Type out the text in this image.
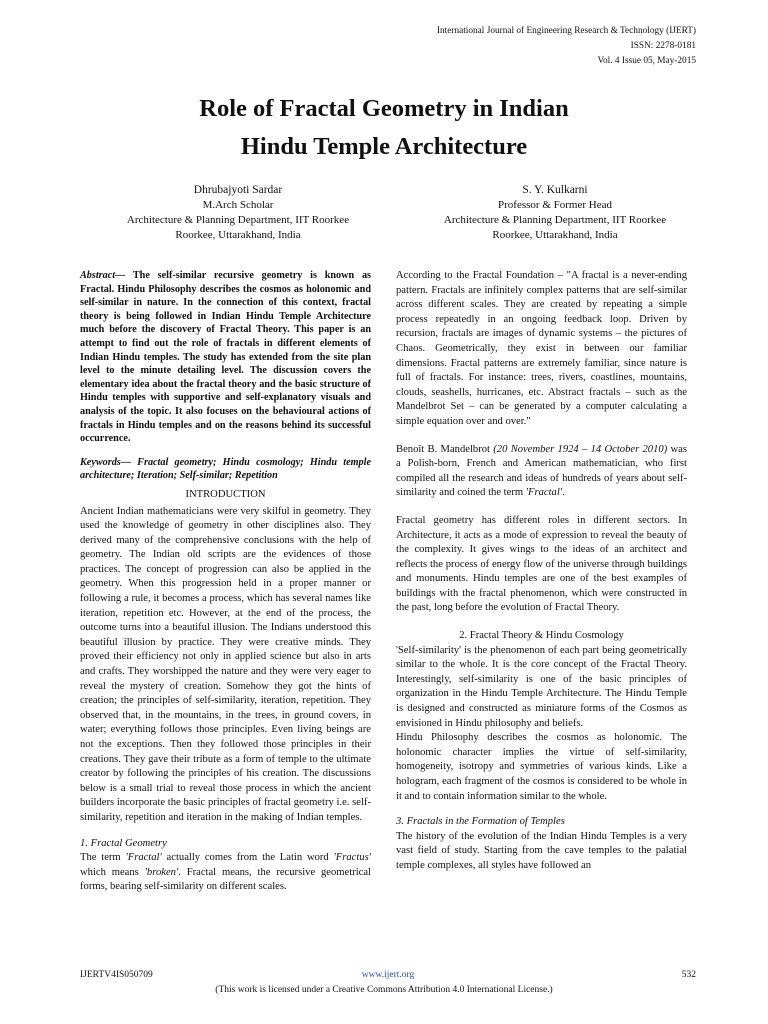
International Journal of Engineering Research & Technology (IJERT)
ISSN: 2278-0181
Vol. 4 Issue 05, May-2015
Role of Fractal Geometry in Indian
Hindu Temple Architecture
Dhrubajyoti Sardar
M.Arch Scholar
Architecture & Planning Department, IIT Roorkee
Roorkee, Uttarakhand, India
S. Y. Kulkarni
Professor & Former Head
Architecture & Planning Department, IIT Roorkee
Roorkee, Uttarakhand, India

Abstract— The self-similar recursive geometry is known as Fractal. Hindu Philosophy describes the cosmos as holonomic and self-similar in nature. In the connection of this context, fractal theory is being followed in Indian Hindu Temple Architecture much before the discovery of Fractal Theory. This paper is an attempt to find out the role of fractals in different elements of Indian Hindu temples. The study has extended from the site plan level to the minute detailing level. The discussion covers the elementary idea about the fractal theory and the basic structure of Hindu temples with supportive and self-explanatory visuals and analysis of the topic. It also focuses on the behavioural actions of fractals in Hindu temples and on the reasons behind its successful occurrence.

Keywords— Fractal geometry; Hindu cosmology; Hindu temple architecture; Iteration; Self-similar; Repetition

INTRODUCTION

Ancient Indian mathematicians were very skilful in geometry. They used the knowledge of geometry in other disciplines also. They derived many of the comprehensive conclusions with the help of geometry. The Indian old scripts are the evidences of those practices. The concept of progression can also be applied in the geometry. When this progression held in a proper manner or following a rule, it becomes a process, which has several names like iteration, repetition etc. However, at the end of the process, the outcome turns into a beautiful illusion. The Indians understood this beautiful illusion by practice. They were creative minds. They proved their efficiency not only in applied science but also in arts and crafts. They worshipped the nature and they were very eager to reveal the mystery of creation. Somehow they got the hints of creation; the principles of self-similarity, iteration, repetition. They observed that, in the mountains, in the trees, in ground covers, in water; everything follows those principles. Even living beings are not the exceptions. Then they followed those principles in their creations. They gave their tribute as a form of temple to the ultimate creator by following the principles of his creation. The discussions below is a small trial to reveal those process in which the ancient builders incorporate the basic principles of fractal geometry i.e. self-similarity, repetition and iteration in the making of Indian temples.

1. Fractal Geometry

The term 'Fractal' actually comes from the Latin word 'Fractus' which means 'broken'. Fractal means, the recursive geometrical forms, bearing self-similarity on different scales.

According to the Fractal Foundation – "A fractal is a never-ending pattern. Fractals are infinitely complex patterns that are self-similar across different scales. They are created by repeating a simple process repeatedly in an ongoing feedback loop. Driven by recursion, fractals are images of dynamic systems – the pictures of Chaos. Geometrically, they exist in between our familiar dimensions. Fractal patterns are extremely familiar, since nature is full of fractals. For instance: trees, rivers, coastlines, mountains, clouds, seashells, hurricanes, etc. Abstract fractals – such as the Mandelbrot Set – can be generated by a computer calculating a simple equation over and over."

Benoît B. Mandelbrot (20 November 1924 – 14 October 2010) was a Polish-born, French and American mathematician, who first compiled all the research and ideas of hundreds of years about self-similarity and coined the term 'Fractal'.

Fractal geometry has different roles in different sectors. In Architecture, it acts as a mode of expression to reveal the beauty of the complexity. It gives wings to the ideas of an architect and reflects the process of energy flow of the universe through buildings and monuments. Hindu temples are one of the best examples of buildings with the fractal phenomenon, which were constructed in the past, long before the evolution of Fractal Theory.

2. Fractal Theory & Hindu Cosmology

'Self-similarity' is the phenomenon of each part being geometrically similar to the whole. It is the core concept of the Fractal Theory. Interestingly, self-similarity is one of the basic principles of organization in the Hindu Temple Architecture. The Hindu Temple is designed and constructed as miniature forms of the Cosmos as envisioned in Hindu philosophy and beliefs.

Hindu Philosophy describes the cosmos as holonomic. The holonomic character implies the virtue of self-similarity, homogeneity, isotropy and symmetries of various kinds. Like a hologram, each fragment of the cosmos is considered to be whole in it and to contain information similar to the whole.

3. Fractals in the Formation of Temples

The history of the evolution of the Indian Hindu Temples is a very vast field of study. Starting from the cave temples to the palatial temple complexes, all styles have followed an

IJERTV4IS050709	www.ijert.org	532
(This work is licensed under a Creative Commons Attribution 4.0 International License.)
